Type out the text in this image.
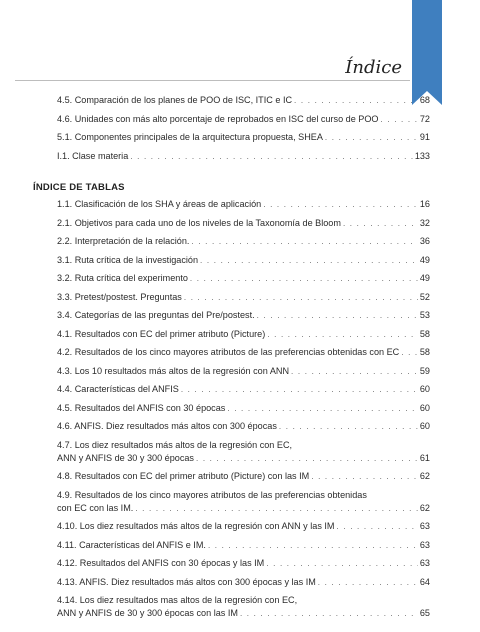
Índice
4.5. Comparación de los planes de POO de ISC, ITIC e IC . . .	68
4.6. Unidades con más alto porcentaje de reprobados en ISC del curso de POO . . .	72
5.1. Componentes principales de la arquitectura propuesta, SHEA . . .	91
I.1. Clase materia . . .	133
ÍNDICE DE TABLAS
1.1. Clasificación de los SHA y áreas de aplicación . . .	16
2.1. Objetivos para cada uno de los niveles de la Taxonomía de Bloom . . .	32
2.2. Interpretación de la relación. . . .	36
3.1. Ruta crítica de la investigación . . .	49
3.2. Ruta crítica del experimento . . .	49
3.3. Pretest/postest. Preguntas . . .	52
3.4. Categorías de las preguntas del Pre/postest. . . .	53
4.1. Resultados con EC del primer atributo (Picture) . . .	58
4.2. Resultados de los cinco mayores atributos de las preferencias obtenidas con EC . . . 58
4.3. Los 10 resultados más altos de la regresión con ANN . . .	59
4.4. Características del ANFIS . . .	60
4.5. Resultados del ANFIS con 30 épocas . . .	60
4.6. ANFIS. Diez resultados más altos con 300 épocas . . .	60
4.7. Los diez resultados más altos de la regresión con EC,
ANN y ANFIS de 30 y 300 épocas . . .	61
4.8. Resultados con EC del primer atributo (Picture) con las IM . . .	62
4.9. Resultados de los cinco mayores atributos de las preferencias obtenidas
con EC con las IM. . . .	62
4.10. Los diez resultados más altos de la regresión con ANN y las IM . . .	63
4.11. Características del ANFIS e IM. . . .	63
4.12. Resultados del ANFIS con 30 épocas y las IM . . .	63
4.13. ANFIS. Diez resultados más altos con 300 épocas y las IM . . .	64
4.14. Los diez resultados mas altos de la regresión con EC,
ANN y ANFIS de 30 y 300 épocas con las IM . . .	65
